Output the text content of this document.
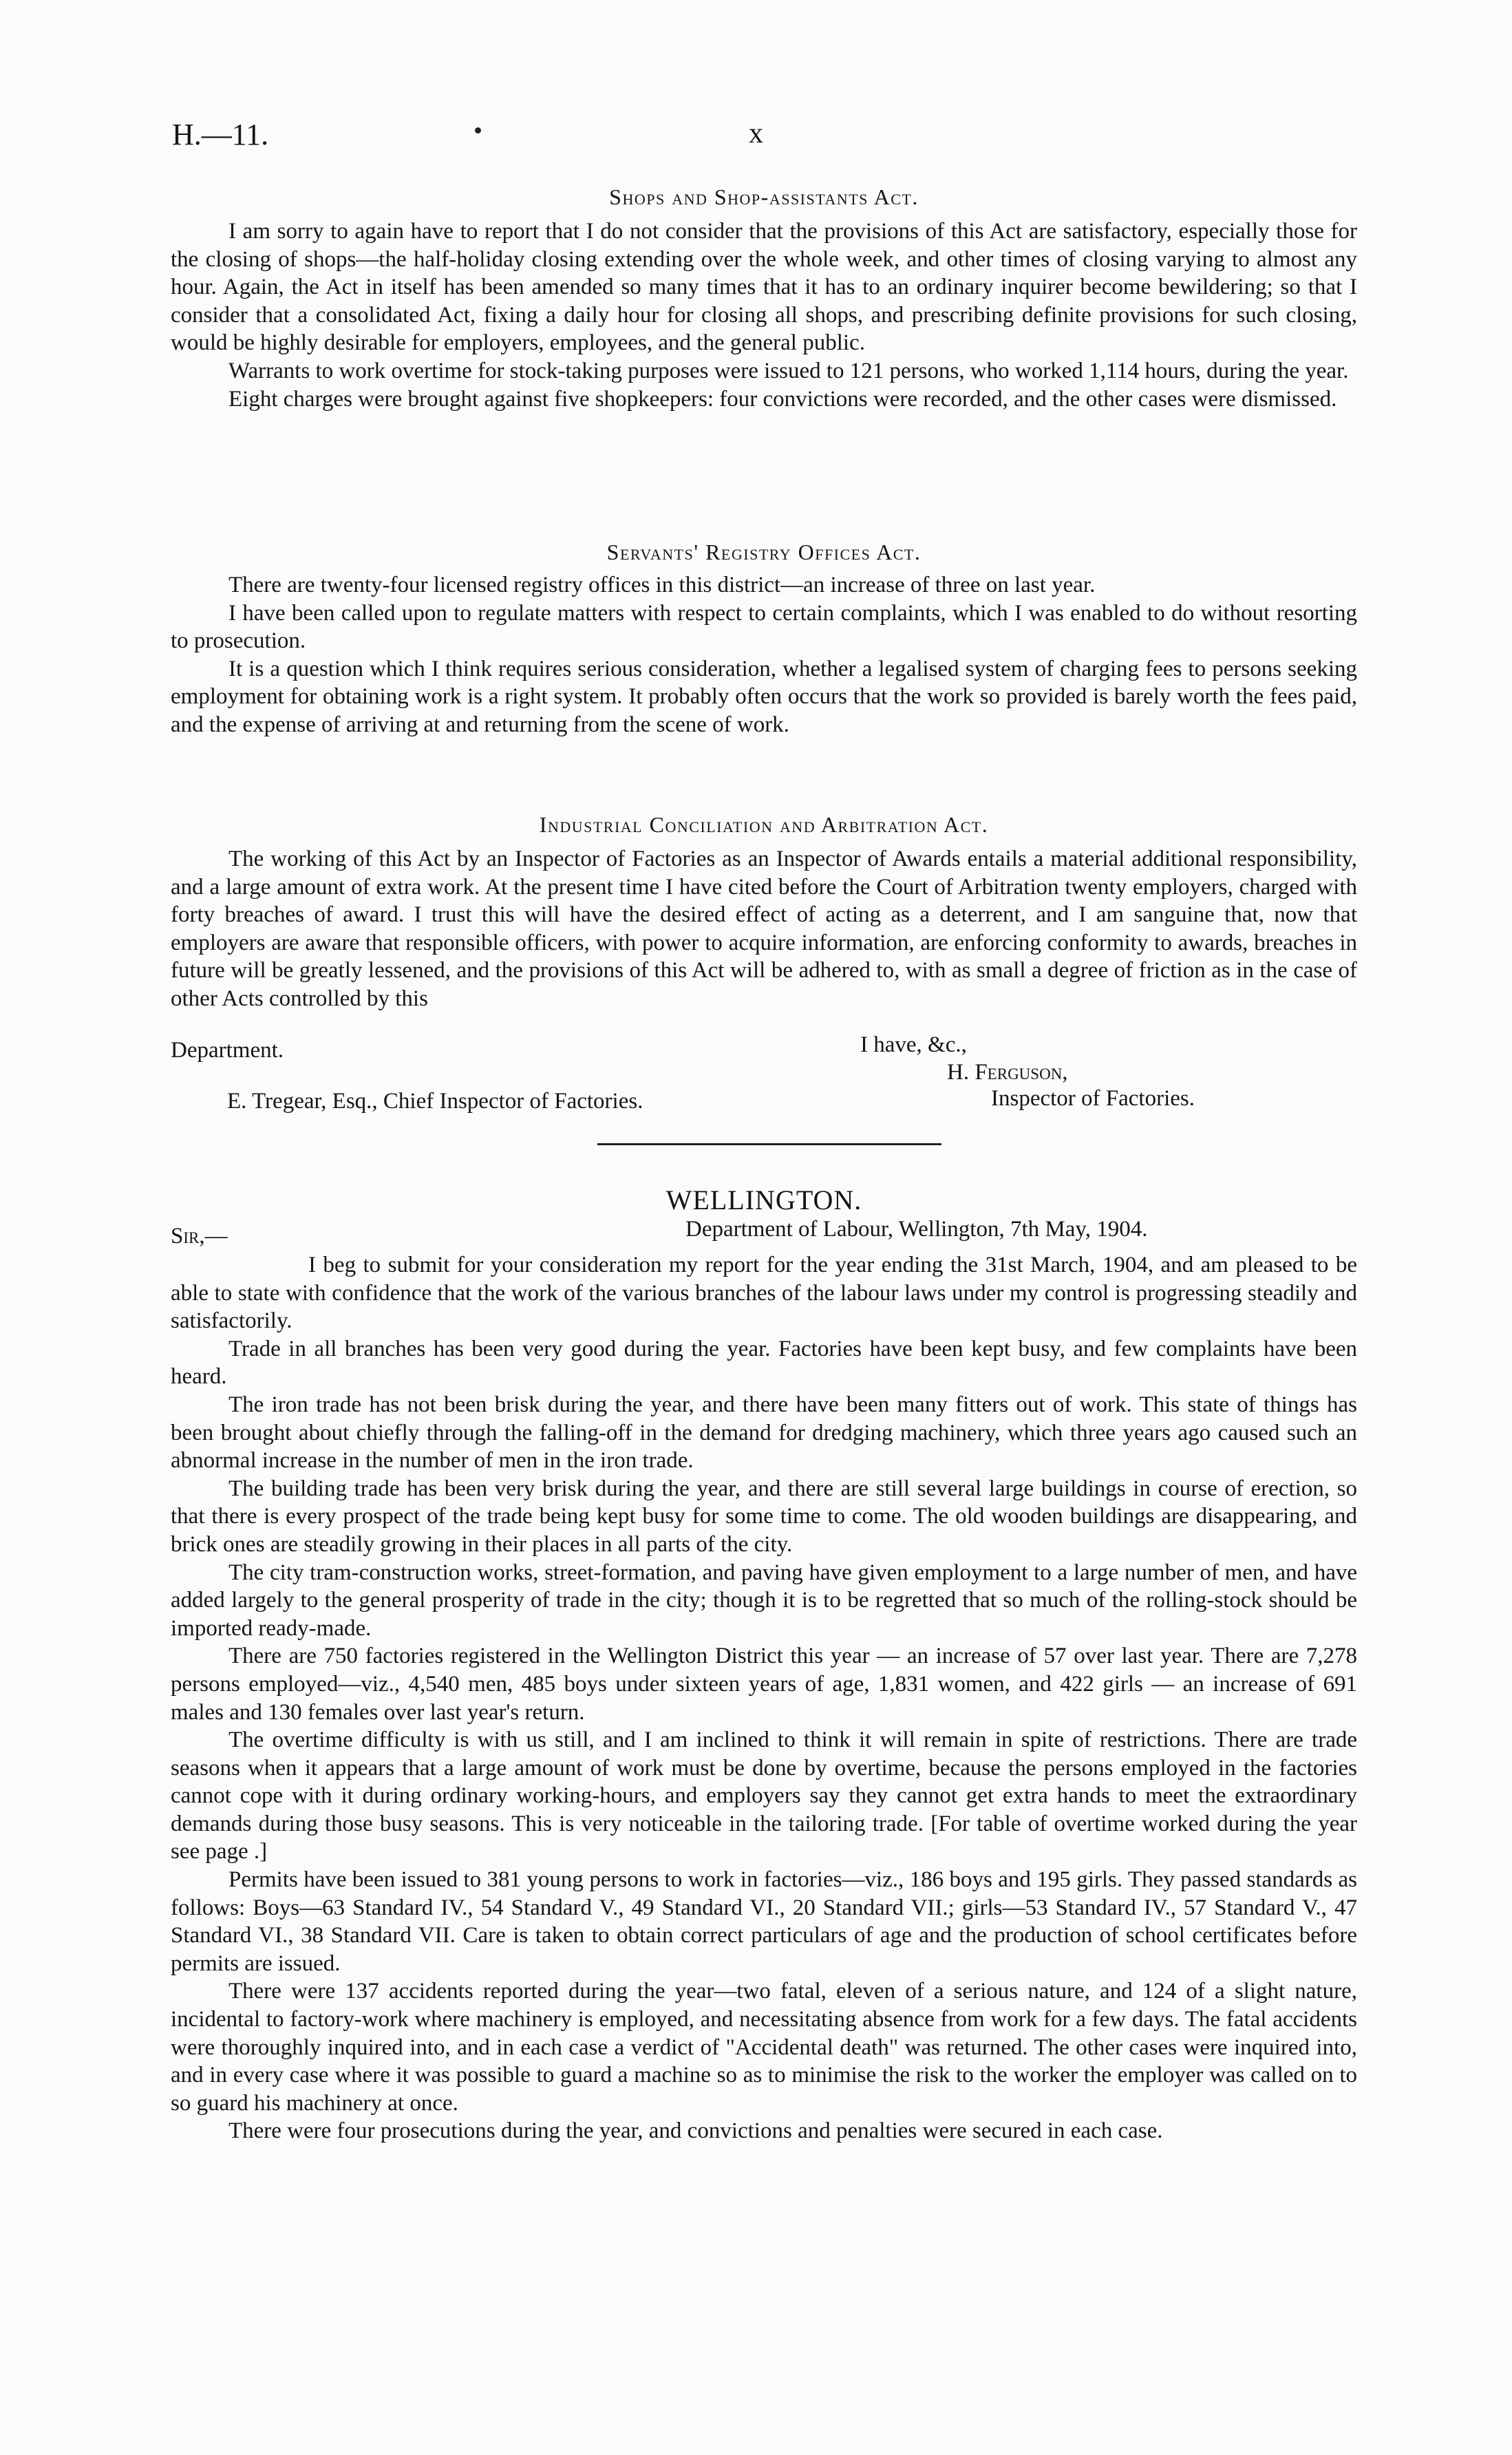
H.—11.	x
Shops and Shop-assistants Act.

I am sorry to again have to report that I do not consider that the provisions of this Act are satisfactory, especially those for the closing of shops—the half-holiday closing extending over the whole week, and other times of closing varying to almost any hour. Again, the Act in itself has been amended so many times that it has to an ordinary inquirer become bewildering; so that I consider that a consolidated Act, fixing a daily hour for closing all shops, and prescribing definite provisions for such closing, would be highly desirable for employers, employees, and the general public.

Warrants to work overtime for stock-taking purposes were issued to 121 persons, who worked 1,114 hours, during the year.

Eight charges were brought against five shopkeepers: four convictions were recorded, and the other cases were dismissed.

Servants' Registry Offices Act.

There are twenty-four licensed registry offices in this district—an increase of three on last year.

I have been called upon to regulate matters with respect to certain complaints, which I was enabled to do without resorting to prosecution.

It is a question which I think requires serious consideration, whether a legalised system of charging fees to persons seeking employment for obtaining work is a right system. It probably often occurs that the work so provided is barely worth the fees paid, and the expense of arriving at and returning from the scene of work.

Industrial Conciliation and Arbitration Act.

The working of this Act by an Inspector of Factories as an Inspector of Awards entails a material additional responsibility, and a large amount of extra work. At the present time I have cited before the Court of Arbitration twenty employers, charged with forty breaches of award. I trust this will have the desired effect of acting as a deterrent, and I am sanguine that, now that employers are aware that responsible officers, with power to acquire information, are enforcing conformity to awards, breaches in future will be greatly lessened, and the provisions of this Act will be adhered to, with as small a degree of friction as in the case of other Acts controlled by this

Department.	I have, &c.,
H. Ferguson,
E. Tregear, Esq., Chief Inspector of Factories.	Inspector of Factories.
WELLINGTON.
Sir,—	Department of Labour, Wellington, 7th May, 1904.

I beg to submit for your consideration my report for the year ending the 31st March, 1904, and am pleased to be able to state with confidence that the work of the various branches of the labour laws under my control is progressing steadily and satisfactorily.

Trade in all branches has been very good during the year. Factories have been kept busy, and few complaints have been heard.

The iron trade has not been brisk during the year, and there have been many fitters out of work. This state of things has been brought about chiefly through the falling-off in the demand for dredging machinery, which three years ago caused such an abnormal increase in the number of men in the iron trade.

The building trade has been very brisk during the year, and there are still several large buildings in course of erection, so that there is every prospect of the trade being kept busy for some time to come. The old wooden buildings are disappearing, and brick ones are steadily growing in their places in all parts of the city.

The city tram-construction works, street-formation, and paving have given employment to a large number of men, and have added largely to the general prosperity of trade in the city; though it is to be regretted that so much of the rolling-stock should be imported ready-made.

There are 750 factories registered in the Wellington District this year — an increase of 57 over last year. There are 7,278 persons employed—viz., 4,540 men, 485 boys under sixteen years of age, 1,831 women, and 422 girls — an increase of 691 males and 130 females over last year's return.

The overtime difficulty is with us still, and I am inclined to think it will remain in spite of restrictions. There are trade seasons when it appears that a large amount of work must be done by overtime, because the persons employed in the factories cannot cope with it during ordinary working-hours, and employers say they cannot get extra hands to meet the extraordinary demands during those busy seasons. This is very noticeable in the tailoring trade. [For table of overtime worked during the year see page .]

Permits have been issued to 381 young persons to work in factories—viz., 186 boys and 195 girls. They passed standards as follows: Boys—63 Standard IV., 54 Standard V., 49 Standard VI., 20 Standard VII.; girls—53 Standard IV., 57 Standard V., 47 Standard VI., 38 Standard VII. Care is taken to obtain correct particulars of age and the production of school certificates before permits are issued.

There were 137 accidents reported during the year—two fatal, eleven of a serious nature, and 124 of a slight nature, incidental to factory-work where machinery is employed, and necessitating absence from work for a few days. The fatal accidents were thoroughly inquired into, and in each case a verdict of "Accidental death" was returned. The other cases were inquired into, and in every case where it was possible to guard a machine so as to minimise the risk to the worker the employer was called on to so guard his machinery at once.

There were four prosecutions during the year, and convictions and penalties were secured in each case.
